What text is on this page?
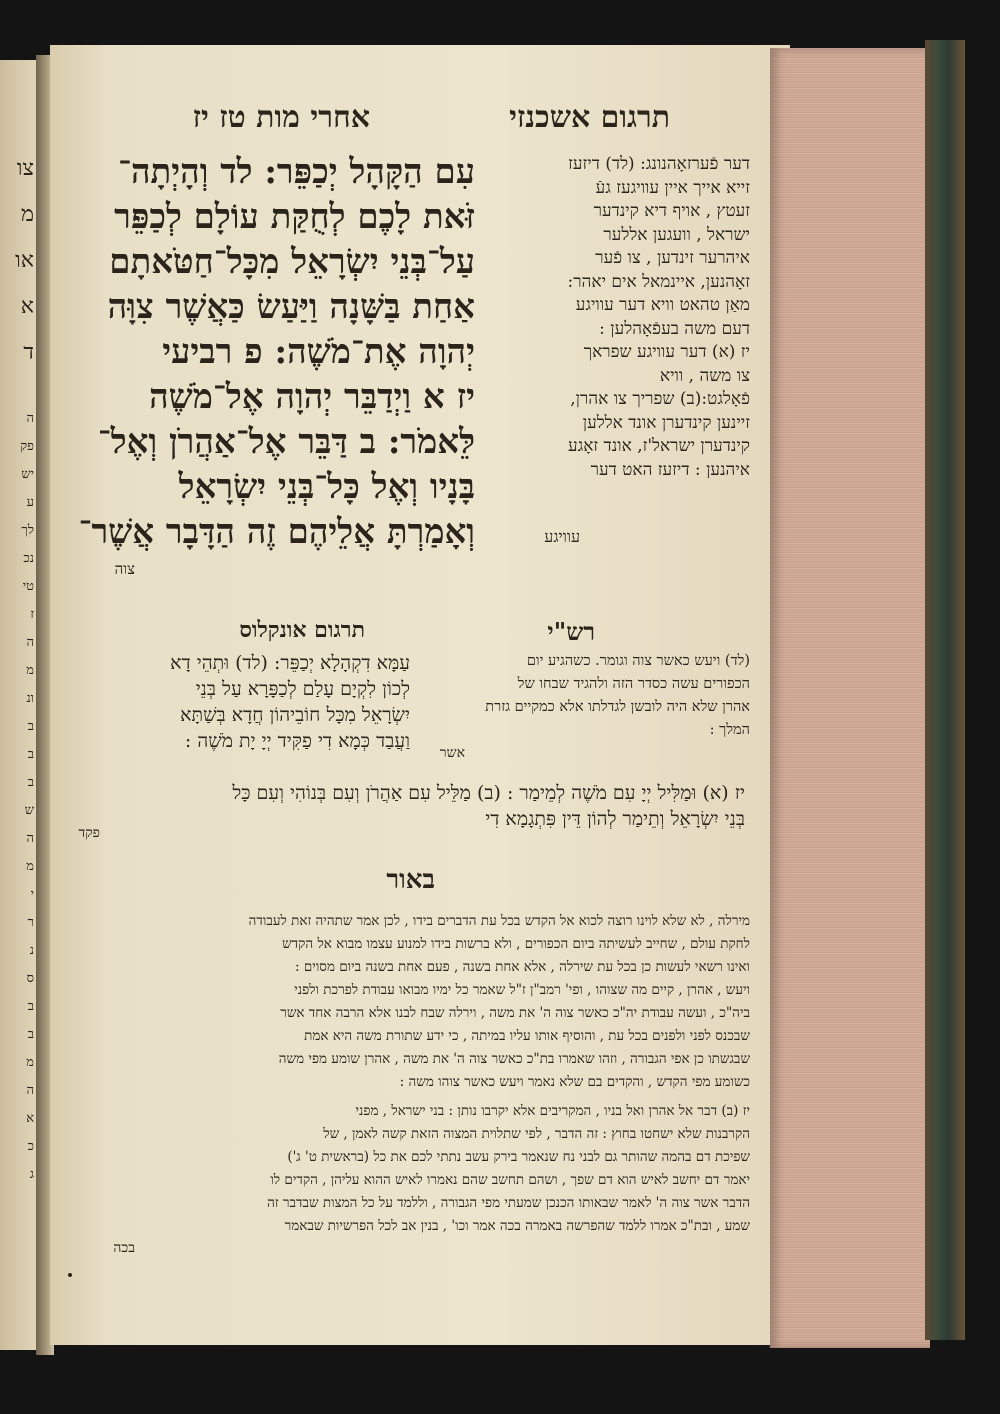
צו
מ
או
א
ד
ה
פק
יש
ע
לך
נכ
טי
ז
ה
מ
ונ
ב
ב
ב
ש
ה
מ
י
ר
נ
ס
ב
ב
מ
ה
א
כ
ג
תרגום אשכנזי
אחרי מות טז יז
עִם הַקָּהָל יְכַפֵּר: לד וְהָיְתָה־
זֹּאת לָכֶם לְחֻקַּת עוֹלָם לְכַפֵּר
עַל־בְּנֵי יִשְׂרָאֵל מִכָּל־חַטֹּאתָם
אַחַת בַּשָּׁנָה וַיַּעַשׂ כַּאֲשֶׁר צִוָּה
יְהוָה אֶת־מֹשֶׁה: פ רביעי
יז א וַיְדַבֵּר יְהוָה אֶל־מֹשֶׁה
לֵּאמֹר: ב דַּבֵּר אֶל־אַהֲרֹן וְאֶל־
בָּנָיו וְאֶל כָּל־בְּנֵי יִשְׂרָאֵל
וְאָמַרְתָּ אֲלֵיהֶם זֶה הַדָּבָר אֲשֶׁר־
צוה
דער פֿערזאָהנונג: (לד) דיזעז
זייא אייך איין עוויגעז געֿ
זעטץ , אויף דיא קינדער
ישראל , וועגען אללער
איהרער זינדען , צו פֿער
זאָהנען, איינמאל אים יאהר:
מאַן טהאט וויא דער עוויגע
דעם משה בעפֿאָהלען :
יז (א) דער עוויגע שפראך
צו משה , וויא
פֿאָלגט:(ב) שפריך צו אהרן,
זיינען קינדערן אונד אללען
קינדערן ישראל'ז, אונד זאָגע
איהנען : דיזעז האט דער
עוויגע
רש"י
תרגום אונקלוס
(לד) ויעש כאשר צוה וגומר. כשהגיע יום
הכפורים עשה כסדר הזה ולהגיד שבחו של
אהרן שלא היה לובשן לגדלתו אלא כמקיים גזרת
המלך :
אשר
עַמָּא דִקְהָלָא יְכַפֵּר: (לד) וּתְהֵי דָא
לְכוֹן לִקְיָם עָלַם לְכַפָּרָא עַל בְּנֵי
יִשְׂרָאֵל מִכָּל חוֹבֵיהוֹן חֲדָא בְּשַׁתָּא
וַעֲבַד כְּמָא דִי פַקִּיד יְיָ יָת מֹשֶׁה :
יז (א) וּמַלִּיל יְיָ עִם מֹשֶׁה לְמֵימַר : (ב) מַלֵּיל עִם אַהֲרֹן וְעִם בְּנוֹהִי וְעִם כָּל
בְּנֵי יִשְׂרָאֵל וְתֵימַר לְהוֹן דֵּין פִּתְגָמָא דִי
פקד
באור
מירלה , לא שלא לוינו רוצה לכוא אל הקדש בכל עת הדברים בידו , לכן אמר שתהיה זאת לעבודה
לחקת עולם , שחייב לעשיתה ביום הכפורים , ולא ברשות בידו למנוע עצמו מבוא אל הקדש
ואינו רשאי לעשות כן בכל עת שירלה , אלא אחת בשנה , פעם אחת בשנה ביום מסוים :
ויעש , אהרן , קיים מה שצוהו , ופי' רמב"ן ז"ל שאמר כל ימיו מבואו עבודת לפרכת ולפני
ביה"כ , ועשה עבודת יה"כ כאשר צוה ה' את משה , וירלה שבח לבנו אלא הרבה אחד אשר
שבכנס לפני ולפנים בכל עת , והוסיף אותו עליו במיתה , כי ידע שתורת משה היא אמת
שבגשתו כן אפי הגבורה , וזהו שאמרו בת"כ כאשר צוה ה' את משה , אהרן שומע מפי משה
כשומע מפי הקדש , והקדים בם שלא נאמר ויעש כאשר צוהו משה :
יז (ב) דבר אל אהרן ואל בניו , המקריבים אלא יקרבו נותן : בני ישראל , מפני
הקרבנות שלא ישחטו בחוץ : זה הדבר , לפי שתלוית המצוה הזאת קשה לאמן , של
שפיכת דם בהמה שהותר גם לבני נח שנאמר בירק עשב נתתי לכם את כל (בראשית ט' ג')
יאמר דם יחשב לאיש הוא דם שפך , ושהם תחשב שהם נאמרו לאיש ההוא עליהן , הקדים לו
הדבר אשר צוה ה' לאמר שבאותו הכנכן שמעתי מפי הגבורה , וללמד על כל המצות שבדבר זה
שמע , ובת"כ אמרו ללמד שהפרשה באמרה בכה אמר וכו' , בנין אב לכל הפרשיות שבאמר
בכה
